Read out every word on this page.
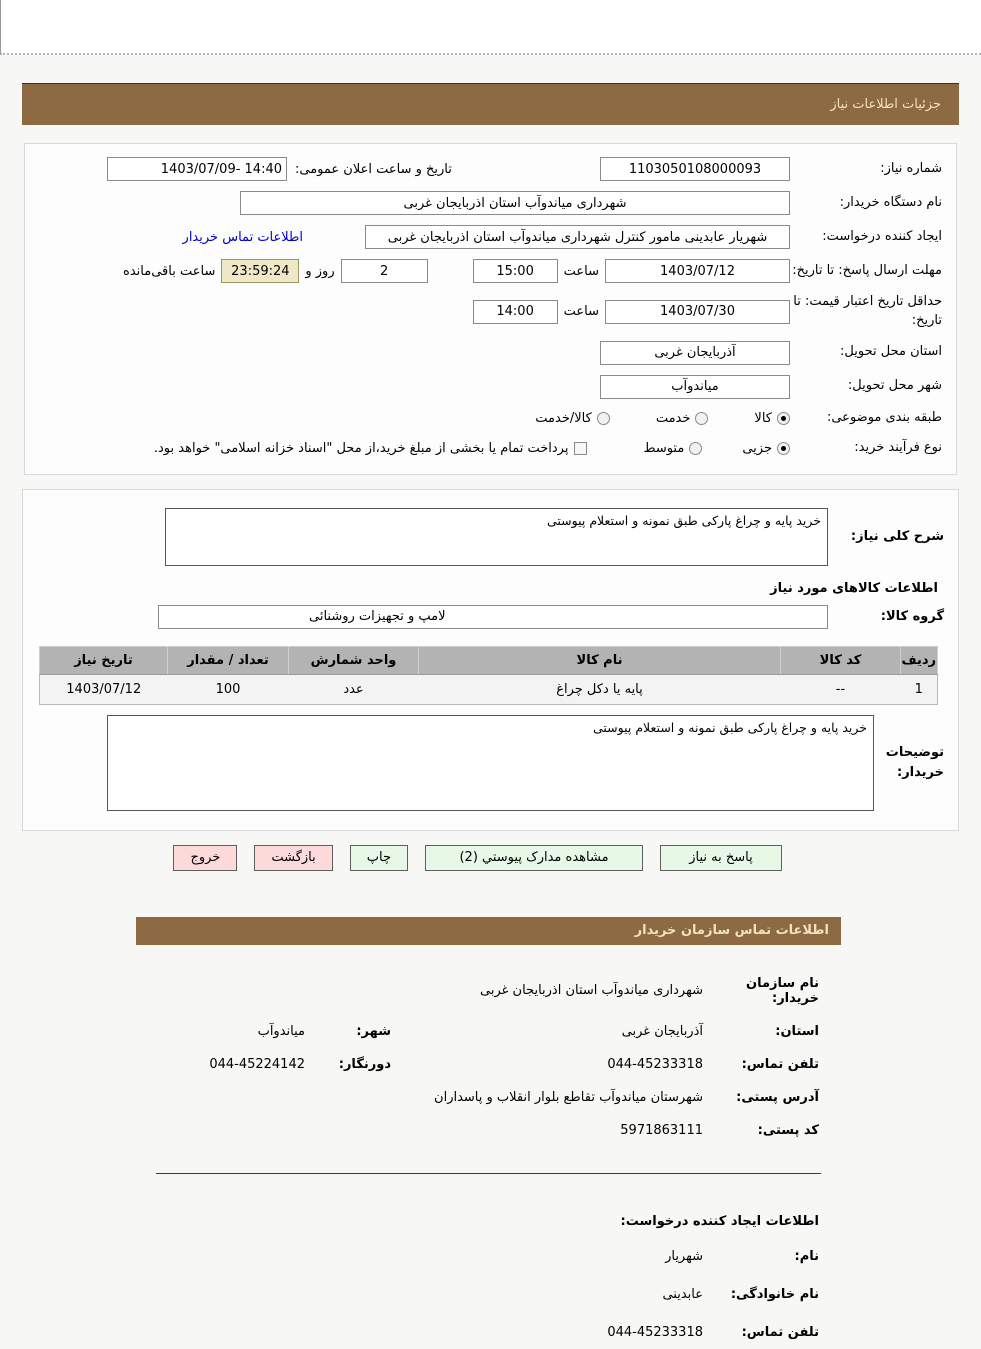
جزئیات اطلاعات نیاز
شماره نیاز:
1103050108000093
تاریخ و ساعت اعلان عمومی:
1403/07/09- 14:40
نام دستگاه خریدار:
شهرداری میاندوآب استان اذربایجان غربی
ایجاد کننده درخواست:
شهریار عابدینی مامور کنترل شهرداری میاندوآب استان اذربایجان غربی
اطلاعات تماس خریدار
مهلت ارسال پاسخ: تا تاریخ:
1403/07/12
ساعت
15:00
2
روز و
23:59:24
ساعت باقی‌مانده
حداقل تاریخ اعتبار قیمت: تا تاریخ:
1403/07/30
ساعت
14:00
استان محل تحویل:
آذربایجان غربی
شهر محل تحویل:
میاندوآب
طبقه بندی موضوعی:
کالا
خدمت
کالا/خدمت
نوع فرآیند خرید:
جزیی
متوسط
پرداخت تمام یا بخشی از مبلغ خرید،از محل "اسناد خزانه اسلامی" خواهد بود.
شرح کلی نیاز:
خرید پایه و چراغ پارکی طبق نمونه و استعلام پیوستی
اطلاعات کالاهای مورد نیاز
گروه کالا:
لامپ و تجهیزات روشنائی
ردیف	کد کالا	نام کالا	واحد شمارش	تعداد / مقدار	تاریخ نیاز
1	--	پایه یا دکل چراغ	عدد	100	1403/07/12
توضیحات خریدار:
خرید پایه و چراغ پارکی طبق نمونه و استعلام پیوستی
پاسخ به نیاز
مشاهده مدارک پیوستي (2)
چاپ
بازگشت
خروج
اطلاعات تماس سازمان خریدار
نام سازمان خریدار:
شهرداری میاندوآب استان اذربایجان غربی
استان:
آذربایجان غربی
شهر:
میاندوآب
تلفن تماس:
044-45233318
دورنگار:
044-45224142
آدرس پستی:
شهرستان میاندوآب تقاطع بلوار انقلاب و پاسداران
کد پستی:
5971863111
اطلاعات ایجاد کننده درخواست:
نام:
شهریار
نام خانوادگی:
عابدینی
تلفن تماس:
044-45233318
